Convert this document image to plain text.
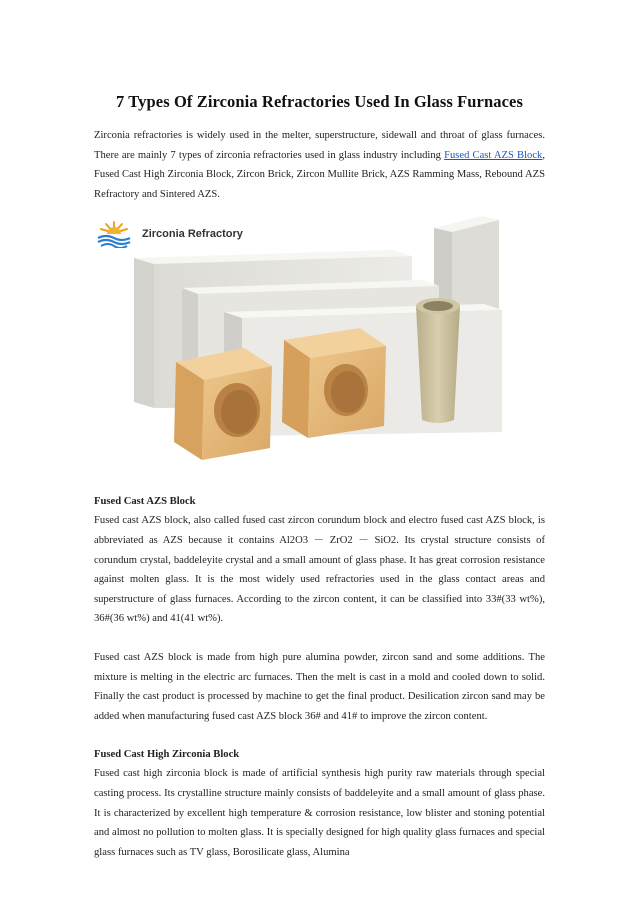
7 Types Of Zirconia Refractories Used In Glass Furnaces

Zirconia refractories is widely used in the melter, superstructure, sidewall and throat of glass furnaces. There are mainly 7 types of zirconia refractories used in glass industry including Fused Cast AZS Block, Fused Cast High Zirconia Block, Zircon Brick, Zircon Mullite Brick, AZS Ramming Mass, Rebound AZS Refractory and Sintered AZS.

Zirconia Refractory
Fused Cast AZS Block

Fused cast AZS block, also called fused cast zircon corundum block and electro fused cast AZS block, is abbreviated as AZS because it contains Al2O3 － ZrO2 － SiO2. Its crystal structure consists of corundum crystal, baddeleyite crystal and a small amount of glass phase. It has great corrosion resistance against molten glass. It is the most widely used refractories used in the glass contact areas and superstructure of glass furnaces. According to the zircon content, it can be classified into 33#(33 wt%), 36#(36 wt%) and 41(41 wt%).

Fused cast AZS block is made from high pure alumina powder, zircon sand and some additions. The mixture is melting in the electric arc furnaces. Then the melt is cast in a mold and cooled down to solid. Finally the cast product is processed by machine to get the final product. Desilication zircon sand may be added when manufacturing fused cast AZS block 36# and 41# to improve the zircon content.

Fused Cast High Zirconia Block

Fused cast high zirconia block is made of artificial synthesis high purity raw materials through special casting process. Its crystalline structure mainly consists of baddeleyite and a small amount of glass phase. It is characterized by excellent high temperature & corrosion resistance, low blister and stoning potential and almost no pollution to molten glass. It is specially designed for high quality glass furnaces and special glass furnaces such as TV glass, Borosilicate glass, Alumina
